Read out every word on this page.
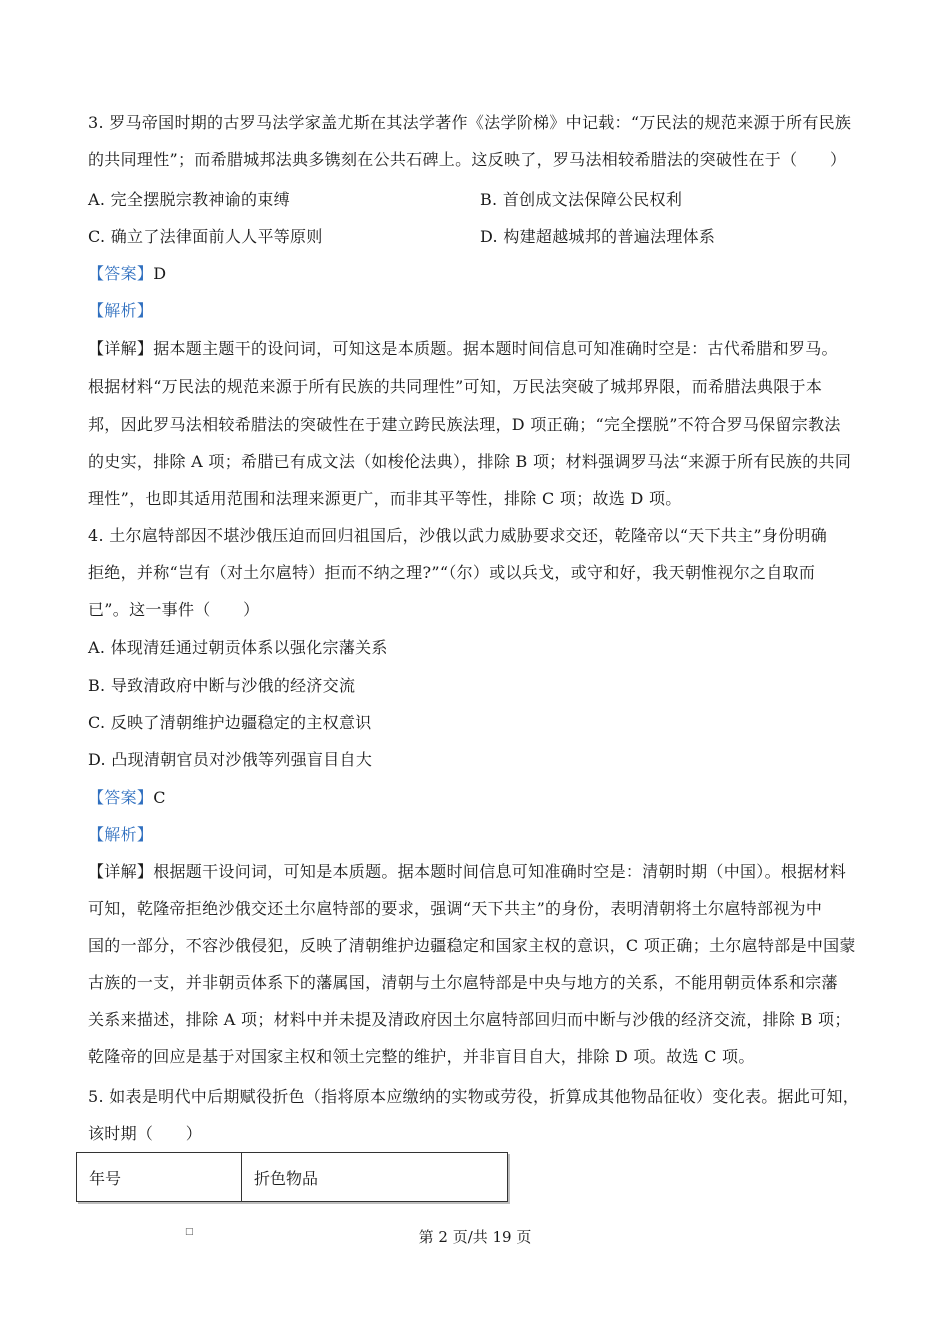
3. 罗马帝国时期的古罗马法学家盖尤斯在其法学著作《法学阶梯》中记载：“万民法的规范来源于所有民族
的共同理性”；而希腊城邦法典多镌刻在公共石碑上。这反映了，罗马法相较希腊法的突破性在于（　　）
A. 完全摆脱宗教神谕的束缚	B. 首创成文法保障公民权利
C. 确立了法律面前人人平等原则	D. 构建超越城邦的普遍法理体系
【答案】D
【解析】
【详解】据本题主题干的设问词，可知这是本质题。据本题时间信息可知准确时空是：古代希腊和罗马。
根据材料“万民法的规范来源于所有民族的共同理性”可知，万民法突破了城邦界限，而希腊法典限于本
邦，因此罗马法相较希腊法的突破性在于建立跨民族法理，D 项正确；“完全摆脱”不符合罗马保留宗教法
的史实，排除 A 项；希腊已有成文法（如梭伦法典），排除 B 项；材料强调罗马法“来源于所有民族的共同
理性”，也即其适用范围和法理来源更广，而非其平等性，排除 C 项；故选 D 项。
4. 土尔扈特部因不堪沙俄压迫而回归祖国后，沙俄以武力威胁要求交还，乾隆帝以“天下共主”身份明确
拒绝，并称“岂有（对土尔扈特）拒而不纳之理?”“（尔）或以兵戈，或守和好，我天朝惟视尔之自取而
已”。这一事件（　　）
A. 体现清廷通过朝贡体系以强化宗藩关系
B. 导致清政府中断与沙俄的经济交流
C. 反映了清朝维护边疆稳定的主权意识
D. 凸现清朝官员对沙俄等列强盲目自大
【答案】C
【解析】
【详解】根据题干设问词，可知是本质题。据本题时间信息可知准确时空是：清朝时期（中国）。根据材料
可知，乾隆帝拒绝沙俄交还土尔扈特部的要求，强调“天下共主”的身份，表明清朝将土尔扈特部视为中
国的一部分，不容沙俄侵犯，反映了清朝维护边疆稳定和国家主权的意识，C 项正确；土尔扈特部是中国蒙
古族的一支，并非朝贡体系下的藩属国，清朝与土尔扈特部是中央与地方的关系，不能用朝贡体系和宗藩
关系来描述，排除 A 项；材料中并未提及清政府因土尔扈特部回归而中断与沙俄的经济交流，排除 B 项；
乾隆帝的回应是基于对国家主权和领土完整的维护，并非盲目自大，排除 D 项。故选 C 项。
5. 如表是明代中后期赋役折色（指将原本应缴纳的实物或劳役，折算成其他物品征收）变化表。据此可知，
该时期（　　）
年号	折色物品
□	第 2 页/共 19 页
